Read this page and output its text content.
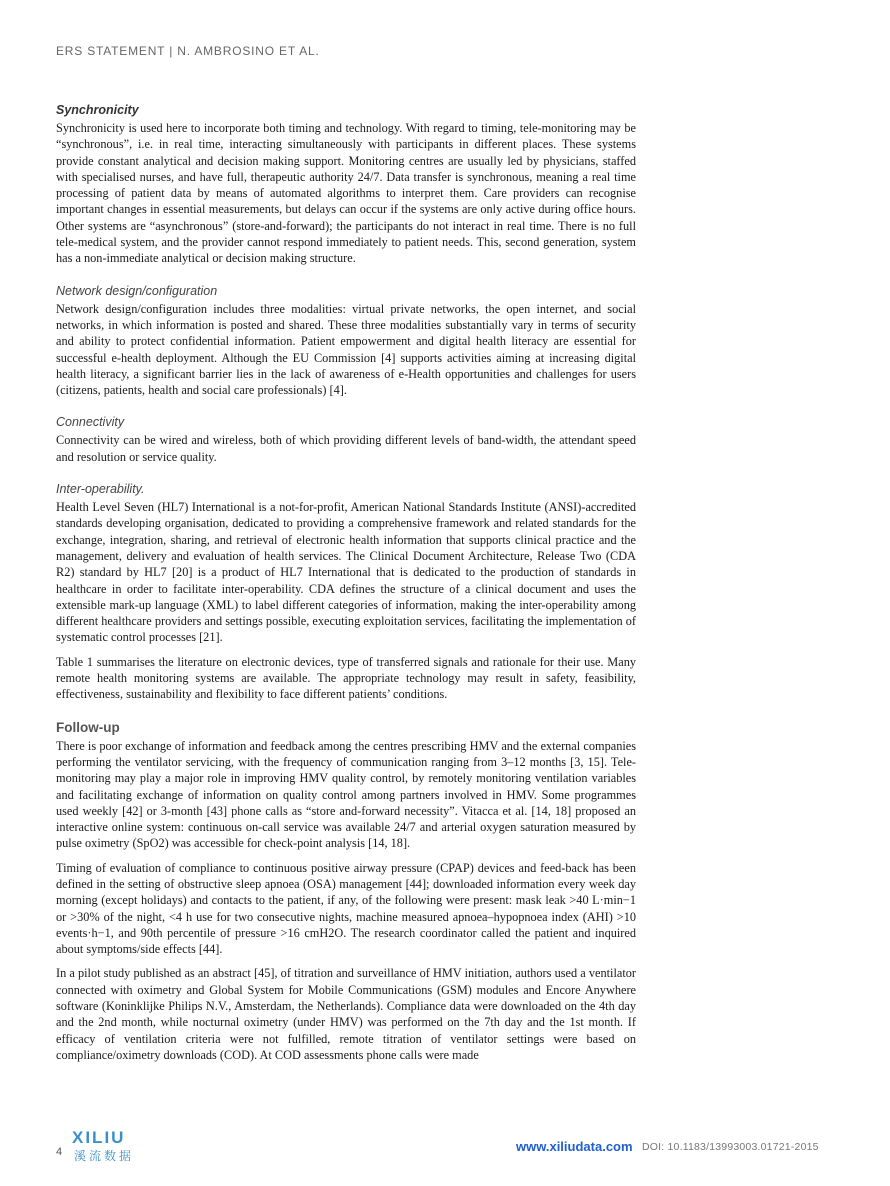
ERS STATEMENT | N. AMBROSINO ET AL.
Synchronicity

Synchronicity is used here to incorporate both timing and technology. With regard to timing, tele-monitoring may be “synchronous”, i.e. in real time, interacting simultaneously with participants in different places. These systems provide constant analytical and decision making support. Monitoring centres are usually led by physicians, staffed with specialised nurses, and have full, therapeutic authority 24/7. Data transfer is synchronous, meaning a real time processing of patient data by means of automated algorithms to interpret them. Care providers can recognise important changes in essential measurements, but delays can occur if the systems are only active during office hours. Other systems are “asynchronous” (store-and-forward); the participants do not interact in real time. There is no full tele-medical system, and the provider cannot respond immediately to patient needs. This, second generation, system has a non-immediate analytical or decision making structure.

Network design/configuration

Network design/configuration includes three modalities: virtual private networks, the open internet, and social networks, in which information is posted and shared. These three modalities substantially vary in terms of security and ability to protect confidential information. Patient empowerment and digital health literacy are essential for successful e-health deployment. Although the EU Commission [4] supports activities aiming at increasing digital health literacy, a significant barrier lies in the lack of awareness of e-Health opportunities and challenges for users (citizens, patients, health and social care professionals) [4].

Connectivity

Connectivity can be wired and wireless, both of which providing different levels of band-width, the attendant speed and resolution or service quality.

Inter-operability.

Health Level Seven (HL7) International is a not-for-profit, American National Standards Institute (ANSI)-accredited standards developing organisation, dedicated to providing a comprehensive framework and related standards for the exchange, integration, sharing, and retrieval of electronic health information that supports clinical practice and the management, delivery and evaluation of health services. The Clinical Document Architecture, Release Two (CDA R2) standard by HL7 [20] is a product of HL7 International that is dedicated to the production of standards in healthcare in order to facilitate inter-operability. CDA defines the structure of a clinical document and uses the extensible mark-up language (XML) to label different categories of information, making the inter-operability among different healthcare providers and settings possible, executing exploitation services, facilitating the implementation of systematic control processes [21].

Table 1 summarises the literature on electronic devices, type of transferred signals and rationale for their use. Many remote health monitoring systems are available. The appropriate technology may result in safety, feasibility, effectiveness, sustainability and flexibility to face different patients’ conditions.

Follow-up

There is poor exchange of information and feedback among the centres prescribing HMV and the external companies performing the ventilator servicing, with the frequency of communication ranging from 3–12 months [3, 15]. Tele-monitoring may play a major role in improving HMV quality control, by remotely monitoring ventilation variables and facilitating exchange of information on quality control among partners involved in HMV. Some programmes used weekly [42] or 3-month [43] phone calls as “store and-forward necessity”. Vitacca et al. [14, 18] proposed an interactive online system: continuous on-call service was available 24/7 and arterial oxygen saturation measured by pulse oximetry (SpO2) was accessible for check-point analysis [14, 18].

Timing of evaluation of compliance to continuous positive airway pressure (CPAP) devices and feed-back has been defined in the setting of obstructive sleep apnoea (OSA) management [44]; downloaded information every week day morning (except holidays) and contacts to the patient, if any, of the following were present: mask leak >40 L·min−1 or >30% of the night, <4 h use for two consecutive nights, machine measured apnoea–hypopnoea index (AHI) >10 events·h−1, and 90th percentile of pressure >16 cmH2O. The research coordinator called the patient and inquired about symptoms/side effects [44].

In a pilot study published as an abstract [45], of titration and surveillance of HMV initiation, authors used a ventilator connected with oximetry and Global System for Mobile Communications (GSM) modules and Encore Anywhere software (Koninklijke Philips N.V., Amsterdam, the Netherlands). Compliance data were downloaded on the 4th day and the 2nd month, while nocturnal oximetry (under HMV) was performed on the 7th day and the 1st month. If efficacy of ventilation criteria were not fulfilled, remote titration of ventilator settings were based on compliance/oximetry downloads (COD). At COD assessments phone calls were made

4
XILIU
溪流数据
www.xiliudata.com DOI: 10.1183/13993003.01721-2015
